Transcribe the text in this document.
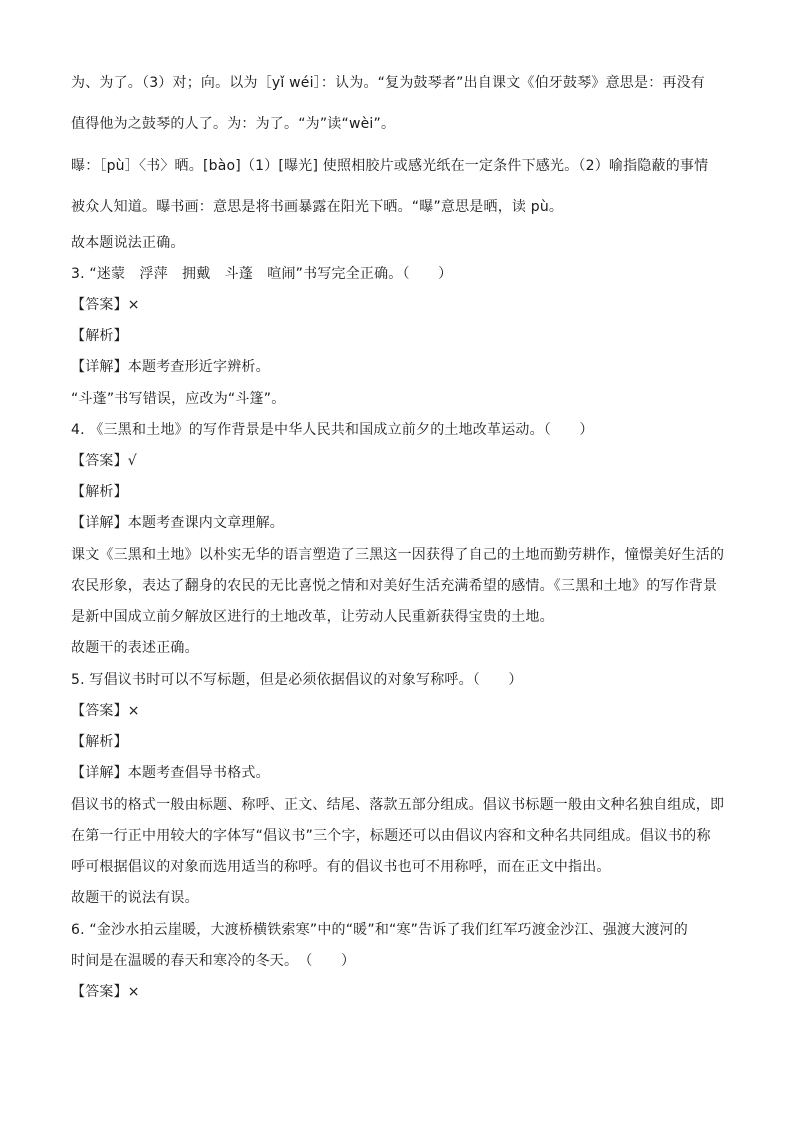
为、为了。（3）对；向。以为［yǐ wéi］：认为。“复为鼓琴者”出自课文《伯牙鼓琴》意思是：再没有
值得他为之鼓琴的人了。为：为了。“为”读“wèi”。
曝：［pù］〈书〉晒。[bào]（1）[曝光] 使照相胶片或感光纸在一定条件下感光。（2）喻指隐蔽的事情
被众人知道。曝书画：意思是将书画暴露在阳光下晒。“曝”意思是晒，读 pù。
故本题说法正确。
3. “迷蒙　浮萍　拥戴　斗蓬　喧闹”书写完全正确。（　　）
【答案】×
【解析】
【详解】本题考查形近字辨析。
“斗蓬”书写错误，应改为“斗篷”。
4. 《三黑和土地》的写作背景是中华人民共和国成立前夕的土地改革运动。（　　）
【答案】√
【解析】
【详解】本题考查课内文章理解。
课文《三黑和土地》以朴实无华的语言塑造了三黑这一因获得了自己的土地而勤劳耕作，憧憬美好生活的
农民形象，表达了翻身的农民的无比喜悦之情和对美好生活充满希望的感情。《三黑和土地》的写作背景
是新中国成立前夕解放区进行的土地改革，让劳动人民重新获得宝贵的土地。
故题干的表述正确。
5. 写倡议书时可以不写标题，但是必须依据倡议的对象写称呼。（　　）
【答案】×
【解析】
【详解】本题考查倡导书格式。
倡议书的格式一般由标题、称呼、正文、结尾、落款五部分组成。倡议书标题一般由文种名独自组成，即
在第一行正中用较大的字体写“倡议书”三个字，标题还可以由倡议内容和文种名共同组成。倡议书的称
呼可根据倡议的对象而选用适当的称呼。有的倡议书也可不用称呼，而在正文中指出。
故题干的说法有误。
6. “金沙水拍云崖暖，大渡桥横铁索寒”中的“暖”和“寒”告诉了我们红军巧渡金沙江、强渡大渡河的
时间是在温暖的春天和寒冷的冬天。　（　　）
【答案】×
